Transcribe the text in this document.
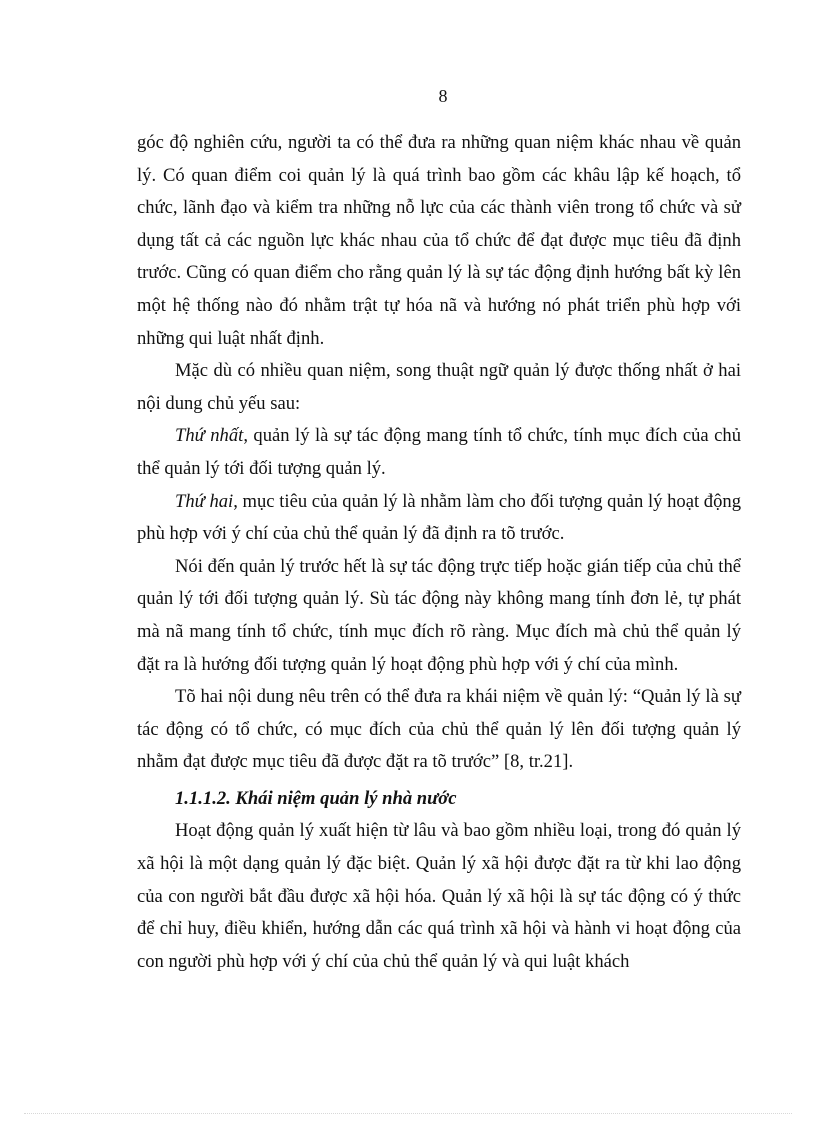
8

góc độ nghiên cứu, người ta có thể đưa ra những quan niệm khác nhau về quản lý. Có quan điểm coi quản lý là quá trình bao gồm các khâu lập kế hoạch, tổ chức, lãnh đạo và kiểm tra những nỗ lực của các thành viên trong tổ chức và sử dụng tất cả các nguồn lực khác nhau của tổ chức để đạt được mục tiêu đã định trước. Cũng có quan điểm cho rằng quản lý là sự tác động định hướng bất kỳ lên một hệ thống nào đó nhằm trật tự hóa nã và hướng nó phát triển phù hợp với những qui luật nhất định.

Mặc dù có nhiều quan niệm, song thuật ngữ quản lý được thống nhất ở hai nội dung chủ yếu sau:

Thứ nhất, quản lý là sự tác động mang tính tổ chức, tính mục đích của chủ thể quản lý tới đối tượng quản lý.

Thứ hai, mục tiêu của quản lý là nhằm làm cho đối tượng quản lý hoạt động phù hợp với ý chí của chủ thể quản lý đã định ra tõ trước.

Nói đến quản lý trước hết là sự tác động trực tiếp hoặc gián tiếp của chủ thể quản lý tới đối tượng quản lý. Sù tác động này không mang tính đơn lẻ, tự phát mà nã mang tính tổ chức, tính mục đích rõ ràng. Mục đích mà chủ thể quản lý đặt ra là hướng đối tượng quản lý hoạt động phù hợp với ý chí của mình.

Tõ hai nội dung nêu trên có thể đưa ra khái niệm về quản lý: “Quản lý là sự tác động có tổ chức, có mục đích của chủ thể quản lý lên đối tượng quản lý nhằm đạt được mục tiêu đã được đặt ra tõ trước” [8, tr.21].

1.1.1.2. Khái niệm quản lý nhà nước

Hoạt động quản lý xuất hiện từ lâu và bao gồm nhiều loại, trong đó quản lý xã hội là một dạng quản lý đặc biệt. Quản lý xã hội được đặt ra từ khi lao động của con người bắt đầu được xã hội hóa. Quản lý xã hội là sự tác động có ý thức để chỉ huy, điều khiển, hướng dẫn các quá trình xã hội và hành vi hoạt động của con người phù hợp với ý chí của chủ thể quản lý và qui luật khách
